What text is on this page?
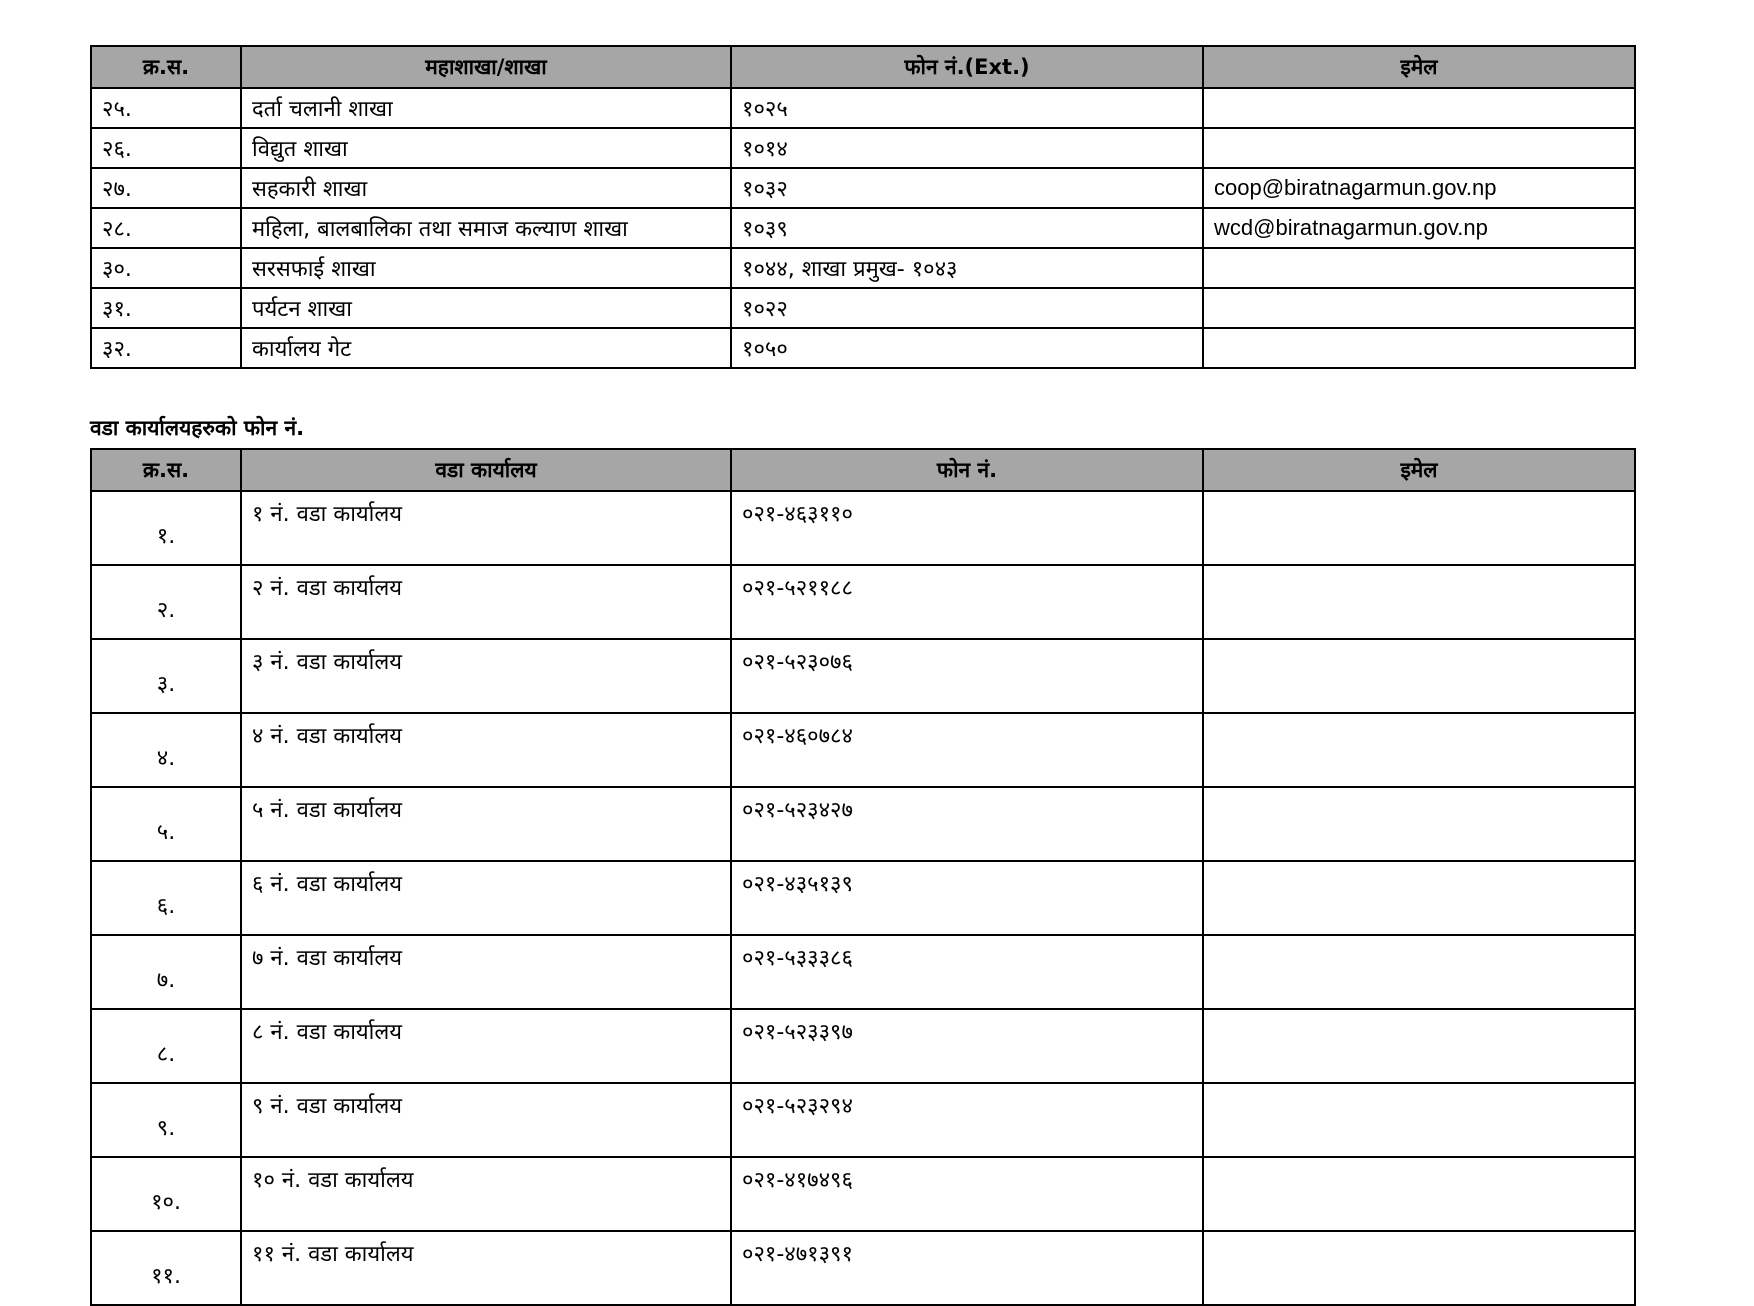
क्र.स.	महाशाखा/शाखा	फोन नं.(Ext.)	इमेल
२५.	दर्ता चलानी शाखा	१०२५	
२६.	विद्युत शाखा	१०१४	
२७.	सहकारी शाखा	१०३२	coop@biratnagarmun.gov.np
२८.	महिला, बालबालिका तथा समाज कल्याण शाखा	१०३९	wcd@biratnagarmun.gov.np
३०.	सरसफाई शाखा	१०४४, शाखा प्रमुख- १०४३	
३१.	पर्यटन शाखा	१०२२	
३२.	कार्यालय गेट	१०५०	

वडा कार्यालयहरुको फोन नं.

क्र.स.	वडा कार्यालय	फोन नं.	इमेल
१.	१ नं. वडा कार्यालय	०२१-४६३११०	
२.	२ नं. वडा कार्यालय	०२१-५२११८८	
३.	३ नं. वडा कार्यालय	०२१-५२३०७६	
४.	४ नं. वडा कार्यालय	०२१-४६०७८४	
५.	५ नं. वडा कार्यालय	०२१-५२३४२७	
६.	६ नं. वडा कार्यालय	०२१-४३५१३९	
७.	७ नं. वडा कार्यालय	०२१-५३३३८६	
८.	८ नं. वडा कार्यालय	०२१-५२३३९७	
९.	९ नं. वडा कार्यालय	०२१-५२३२९४	
१०.	१० नं. वडा कार्यालय	०२१-४१७४९६	
११.	११ नं. वडा कार्यालय	०२१-४७१३९१	
